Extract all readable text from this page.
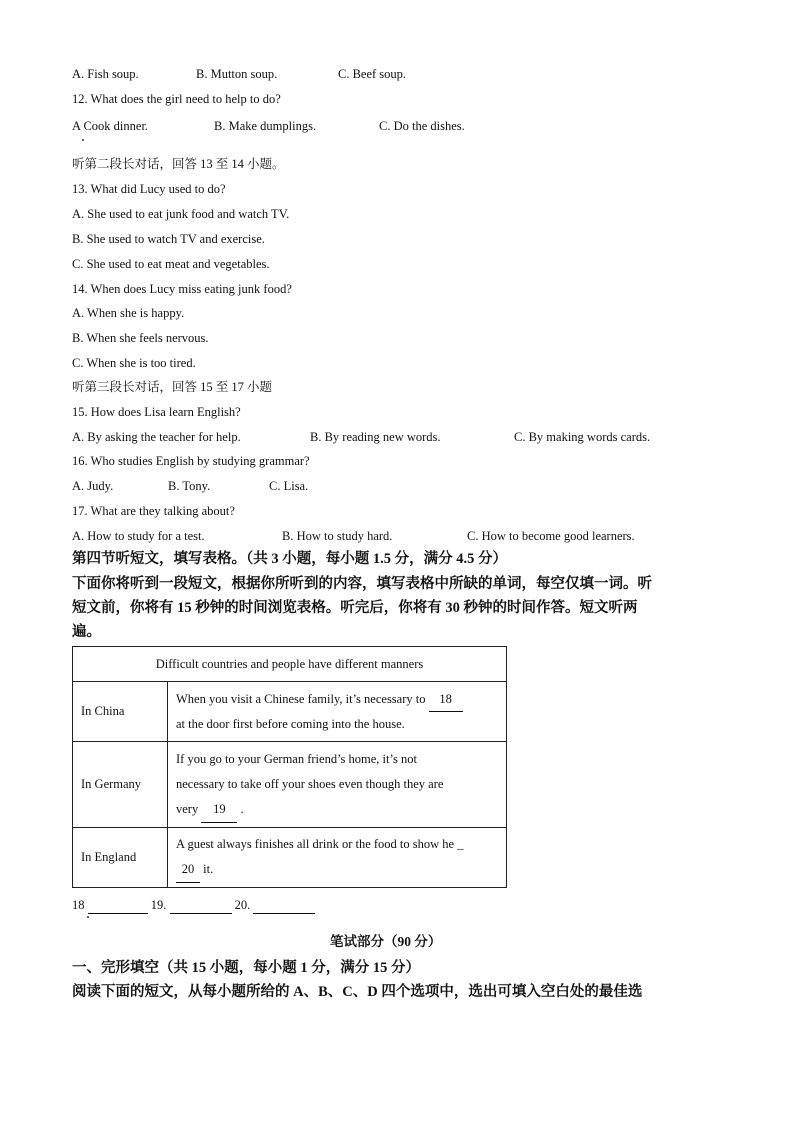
A. Fish soup.	B. Mutton soup.	C. Beef soup.
12. What does the girl need to help to do?
A Cook dinner.	B. Make dumplings.	C. Do the dishes.
听第二段长对话，回答 13 至 14 小题。
13. What did Lucy used to do?
A. She used to eat junk food and watch TV.
B. She used to watch TV and exercise.
C. She used to eat meat and vegetables.
14. When does Lucy miss eating junk food?
A. When she is happy.
B. When she feels nervous.
C. When she is too tired.
听第三段长对话，回答 15 至 17 小题
15. How does Lisa learn English?
A. By asking the teacher for help.	B. By reading new words.	C. By making words cards.
16. Who studies English by studying grammar?
A. Judy.	B. Tony.	C. Lisa.
17. What are they talking about?
A. How to study for a test.	B. How to study hard.	C. How to become good learners.
第四节听短文，填写表格。（共 3 小题，每小题 1.5 分，满分 4.5 分）
下面你将听到一段短文，根据你所听到的内容，填写表格中所缺的单词，每空仅填一词。听
短文前，你将有 15 秒钟的时间浏览表格。听完后，你将有 30 秒钟的时间作答。短文听两
遍。
Difficult countries and people have different manners	
In China	When you visit a Chinese family, it’s necessary to 18
at the door first before coming into the house.
In Germany	If you go to your German friend’s home, it’s not
necessary to take off your shoes even though they are
very 19 .
In England	A guest always finishes all drink or the food to show he _
20 it.
18	19.	20.
笔试部分（90 分）
一、完形填空（共 15 小题，每小题 1 分，满分 15 分）
阅读下面的短文，从每小题所给的 A、B、C、D 四个选项中，选出可填入空白处的最佳选
